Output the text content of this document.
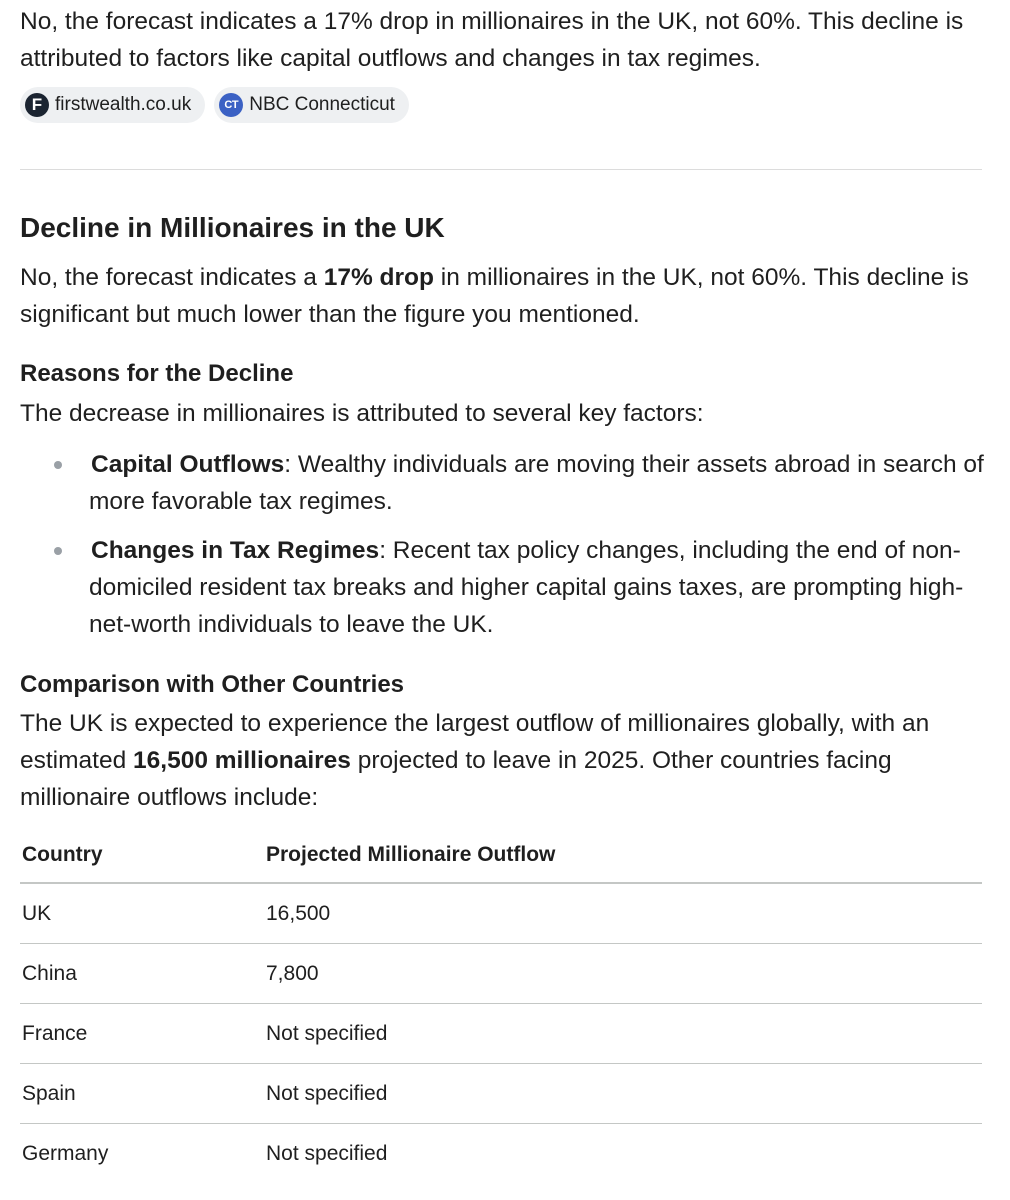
No, the forecast indicates a 17% drop in millionaires in the UK, not 60%. This decline is attributed to factors like capital outflows and changes in tax regimes.

F firstwealth.co.uk	CT NBC Connecticut
Decline in Millionaires in the UK

No, the forecast indicates a 17% drop in millionaires in the UK, not 60%. This decline is significant but much lower than the figure you mentioned.

Reasons for the Decline

The decrease in millionaires is attributed to several key factors:

Capital Outflows: Wealthy individuals are moving their assets abroad in search of more favorable tax regimes.
Changes in Tax Regimes: Recent tax policy changes, including the end of non-domiciled resident tax breaks and higher capital gains taxes, are prompting high-net-worth individuals to leave the UK.
Comparison with Other Countries

The UK is expected to experience the largest outflow of millionaires globally, with an estimated 16,500 millionaires projected to leave in 2025. Other countries facing millionaire outflows include:

Country	Projected Millionaire Outflow
UK	16,500
China	7,800
France	Not specified
Spain	Not specified
Germany	Not specified
